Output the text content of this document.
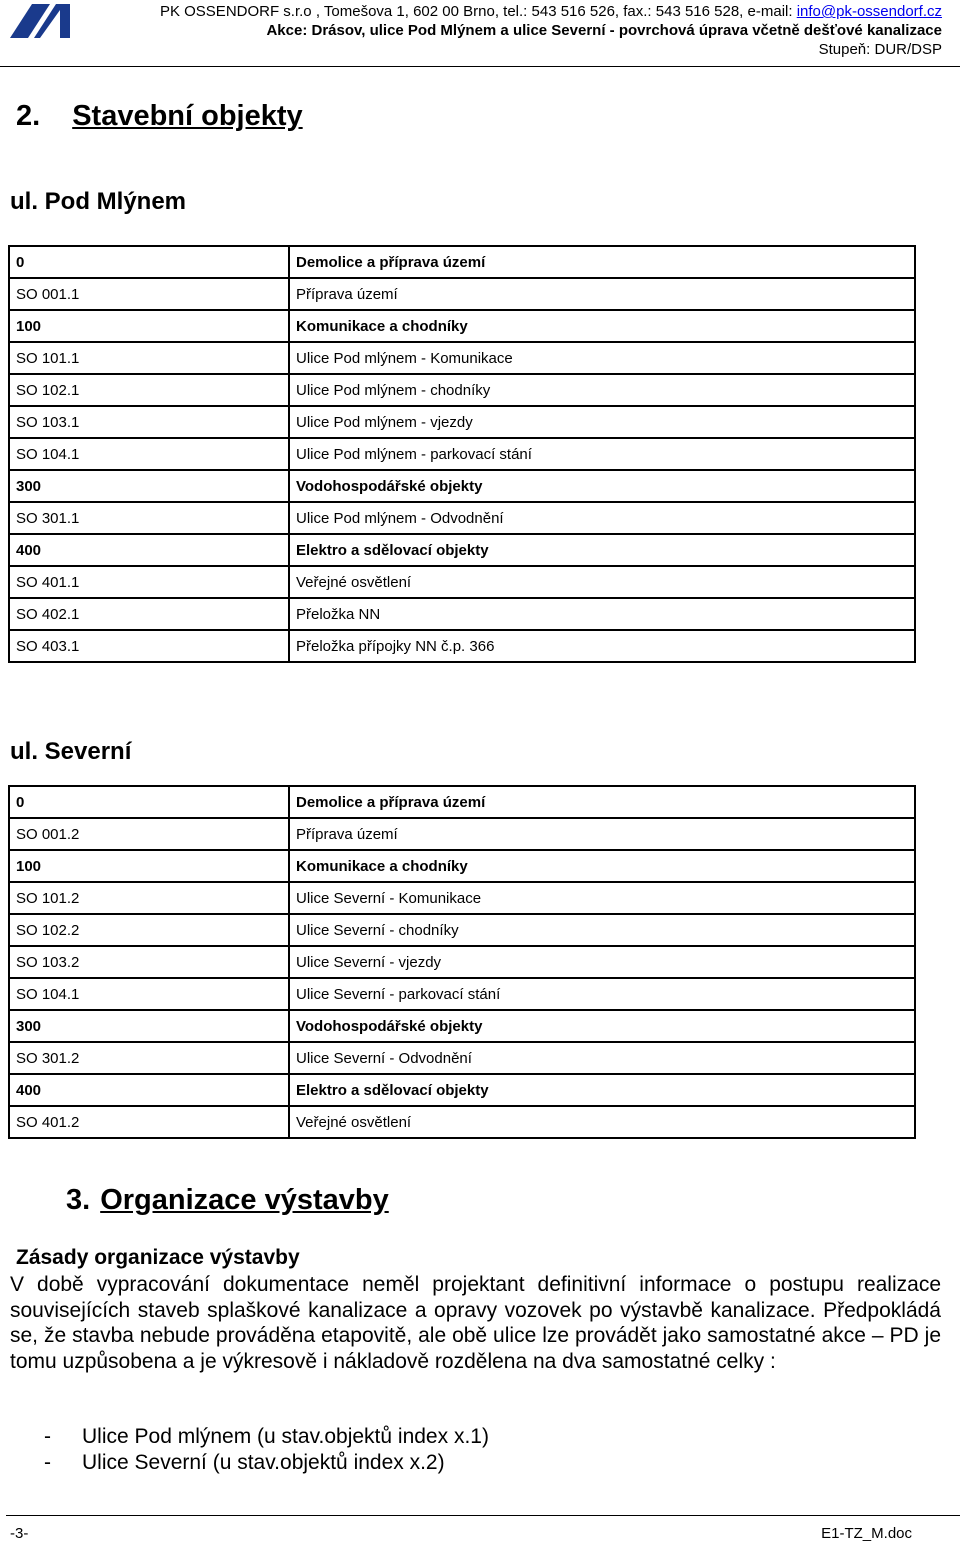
PK OSSENDORF s.r.o , Tomešova 1, 602 00 Brno, tel.: 543 516 526, fax.: 543 516 528, e-mail: info@pk-ossendorf.cz
Akce: Drásov, ulice Pod Mlýnem a ulice Severní - povrchová úprava včetně dešťové kanalizace
Stupeň: DUR/DSP
2. Stavební objekty
ul. Pod Mlýnem
0	Demolice a příprava území
SO 001.1	Příprava území
100	Komunikace a chodníky
SO 101.1	Ulice Pod mlýnem - Komunikace
SO 102.1	Ulice Pod mlýnem - chodníky
SO 103.1	Ulice Pod mlýnem - vjezdy
SO 104.1	Ulice Pod mlýnem - parkovací stání
300	Vodohospodářské objekty
SO 301.1	Ulice Pod mlýnem - Odvodnění
400	Elektro a sdělovací objekty
SO 401.1	Veřejné osvětlení
SO 402.1	Přeložka NN
SO 403.1	Přeložka přípojky NN č.p. 366
ul. Severní
0	Demolice a příprava území
SO 001.2	Příprava území
100	Komunikace a chodníky
SO 101.2	Ulice Severní - Komunikace
SO 102.2	Ulice Severní - chodníky
SO 103.2	Ulice Severní - vjezdy
SO 104.1	Ulice Severní - parkovací stání
300	Vodohospodářské objekty
SO 301.2	Ulice Severní - Odvodnění
400	Elektro a sdělovací objekty
SO 401.2	Veřejné osvětlení
3. Organizace výstavby
Zásady organizace výstavby

V době vypracování dokumentace neměl projektant definitivní informace o postupu realizace souvisejících staveb splaškové kanalizace a opravy vozovek po výstavbě kanalizace. Předpokládá se, že stavba nebude prováděna etapovitě, ale obě ulice lze provádět jako samostatné akce – PD je tomu uzpůsobena a je výkresově i nákladově rozdělena na dva samostatné celky :

- Ulice Pod mlýnem (u stav.objektů index x.1)
- Ulice Severní (u stav.objektů index x.2)
-3-	E1-TZ_M.doc
